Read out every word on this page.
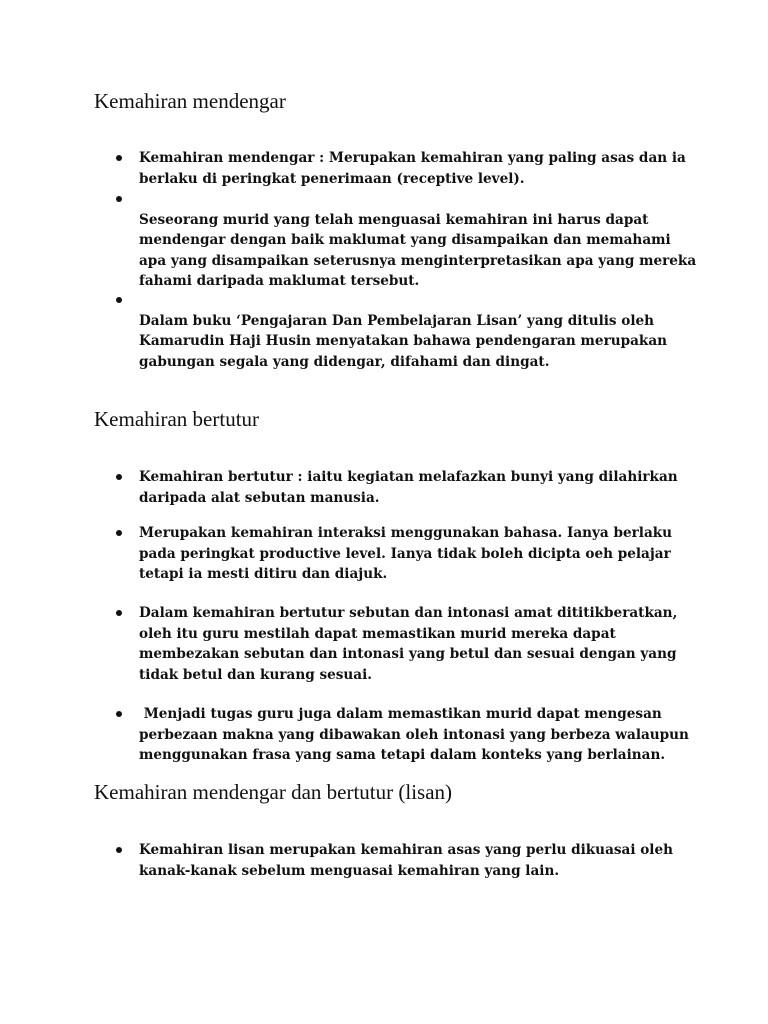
Kemahiran mendengar

Kemahiran mendengar : Merupakan kemahiran yang paling asas dan ia berlaku di peringkat penerimaan (receptive level).

Seseorang murid yang telah menguasai kemahiran ini harus dapat mendengar dengan baik maklumat yang disampaikan dan memahami apa yang disampaikan seterusnya menginterpretasikan apa yang mereka fahami daripada maklumat tersebut.

Dalam buku ‘Pengajaran Dan Pembelajaran Lisan’ yang ditulis oleh Kamarudin Haji Husin menyatakan bahawa pendengaran merupakan gabungan segala yang didengar, difahami dan dingat.

Kemahiran bertutur

Kemahiran bertutur : iaitu kegiatan melafazkan bunyi yang dilahirkan daripada alat sebutan manusia.

Merupakan kemahiran interaksi menggunakan bahasa. Ianya berlaku pada peringkat productive level. Ianya tidak boleh dicipta oeh pelajar tetapi ia mesti ditiru dan diajuk.

Dalam kemahiran bertutur sebutan dan intonasi amat dititikberatkan, oleh itu guru mestilah dapat memastikan murid mereka dapat membezakan sebutan dan intonasi yang betul dan sesuai dengan yang tidak betul dan kurang sesuai.

Menjadi tugas guru juga dalam memastikan murid dapat mengesan perbezaan makna yang dibawakan oleh intonasi yang berbeza walaupun menggunakan frasa yang sama tetapi dalam konteks yang berlainan.

Kemahiran mendengar dan bertutur (lisan)

Kemahiran lisan merupakan kemahiran asas yang perlu dikuasai oleh kanak-kanak sebelum menguasai kemahiran yang lain.
